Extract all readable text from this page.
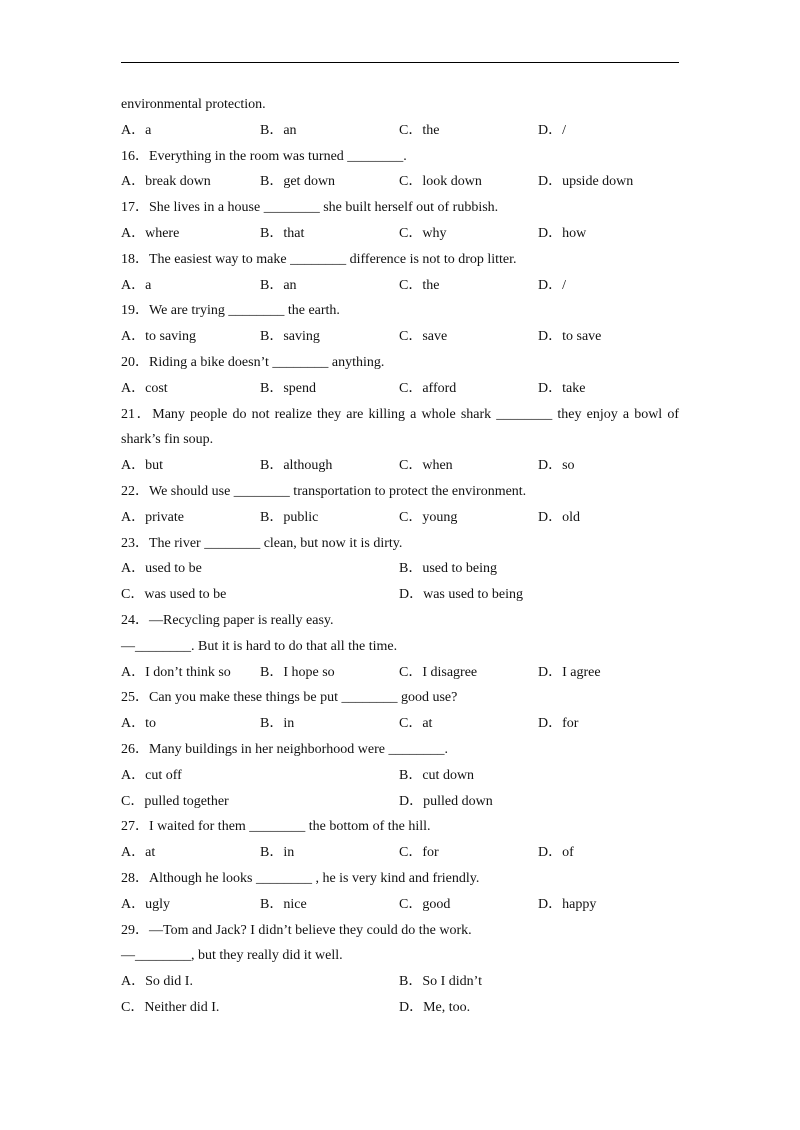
environmental protection.
A．a	B．an	C．the	D．/
16．Everything in the room was turned ________.
A．break down	B．get down	C．look down	D．upside down
17．She lives in a house ________ she built herself out of rubbish.
A．where	B．that	C．why	D．how
18．The easiest way to make ________ difference is not to drop litter.
A．a	B．an	C．the	D．/
19．We are trying ________ the earth.
A．to saving	B．saving	C．save	D．to save
20．Riding a bike doesn’t ________ anything.
A．cost	B．spend	C．afford	D．take
21．Many people do not realize they are killing a whole shark ________ they enjoy a bowl of shark’s fin soup.
A．but	B．although	C．when	D．so
22．We should use ________ transportation to protect the environment.
A．private	B．public	C．young	D．old
23．The river ________ clean, but now it is dirty.
A．used to be	B．used to being
C．was used to be	D．was used to being
24．—Recycling paper is really easy.
—________. But it is hard to do that all the time.
A．I don’t think so B．I hope so	C．I disagree	D．I agree
25．Can you make these things be put ________ good use?
A．to	B．in	C．at	D．for
26．Many buildings in her neighborhood were ________.
A．cut off	B．cut down
C．pulled together	D．pulled down
27．I waited for them ________ the bottom of the hill.
A．at	B．in	C．for	D．of
28．Although he looks ________ , he is very kind and friendly.
A．ugly	B．nice	C．good	D．happy
29．—Tom and Jack? I didn’t believe they could do the work.
—________, but they really did it well.
A．So did I.	B．So I didn’t
C．Neither did I.	D．Me, too.
